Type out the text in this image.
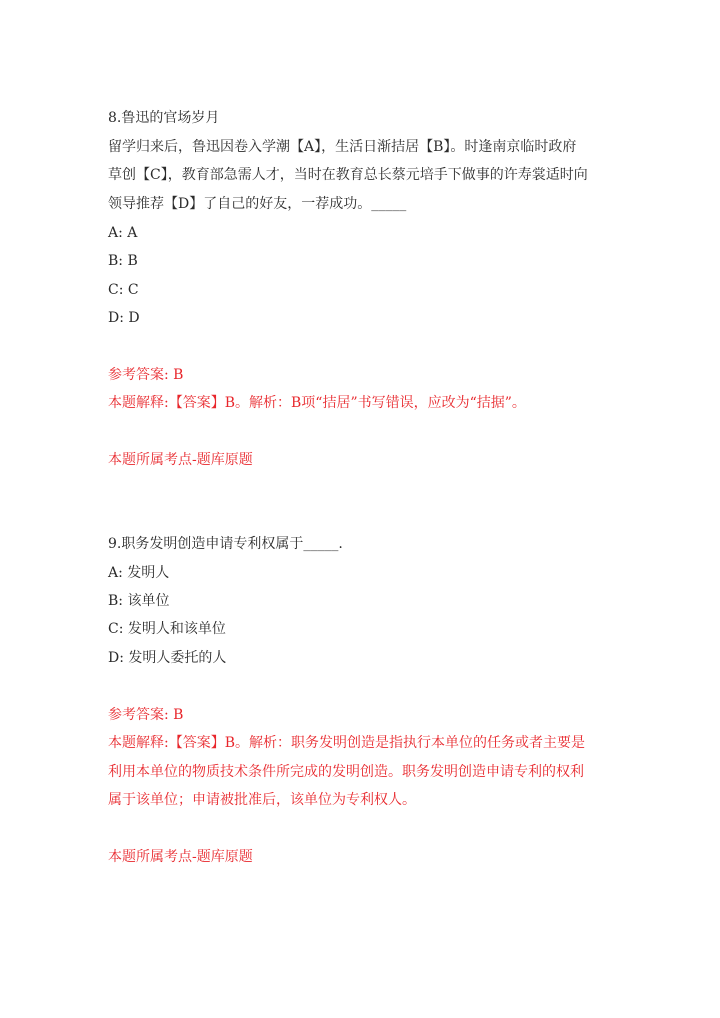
8.鲁迅的官场岁月
留学归来后，鲁迅因卷入学潮【A】，生活日渐拮居【B】。时逢南京临时政府
草创【C】，教育部急需人才，当时在教育总长蔡元培手下做事的许寿裳适时向
领导推荐【D】了自己的好友，一荐成功。_____
A: A
B: B
C: C
D: D
参考答案: B
本题解释:【答案】B。解析：B项“拮居”书写错误，应改为“拮据”。
本题所属考点-题库原题
9.职务发明创造申请专利权属于_____.
A: 发明人
B: 该单位
C: 发明人和该单位
D: 发明人委托的人
参考答案: B
本题解释:【答案】B。解析：职务发明创造是指执行本单位的任务或者主要是
利用本单位的物质技术条件所完成的发明创造。职务发明创造申请专利的权利
属于该单位；申请被批准后，该单位为专利权人。
本题所属考点-题库原题
